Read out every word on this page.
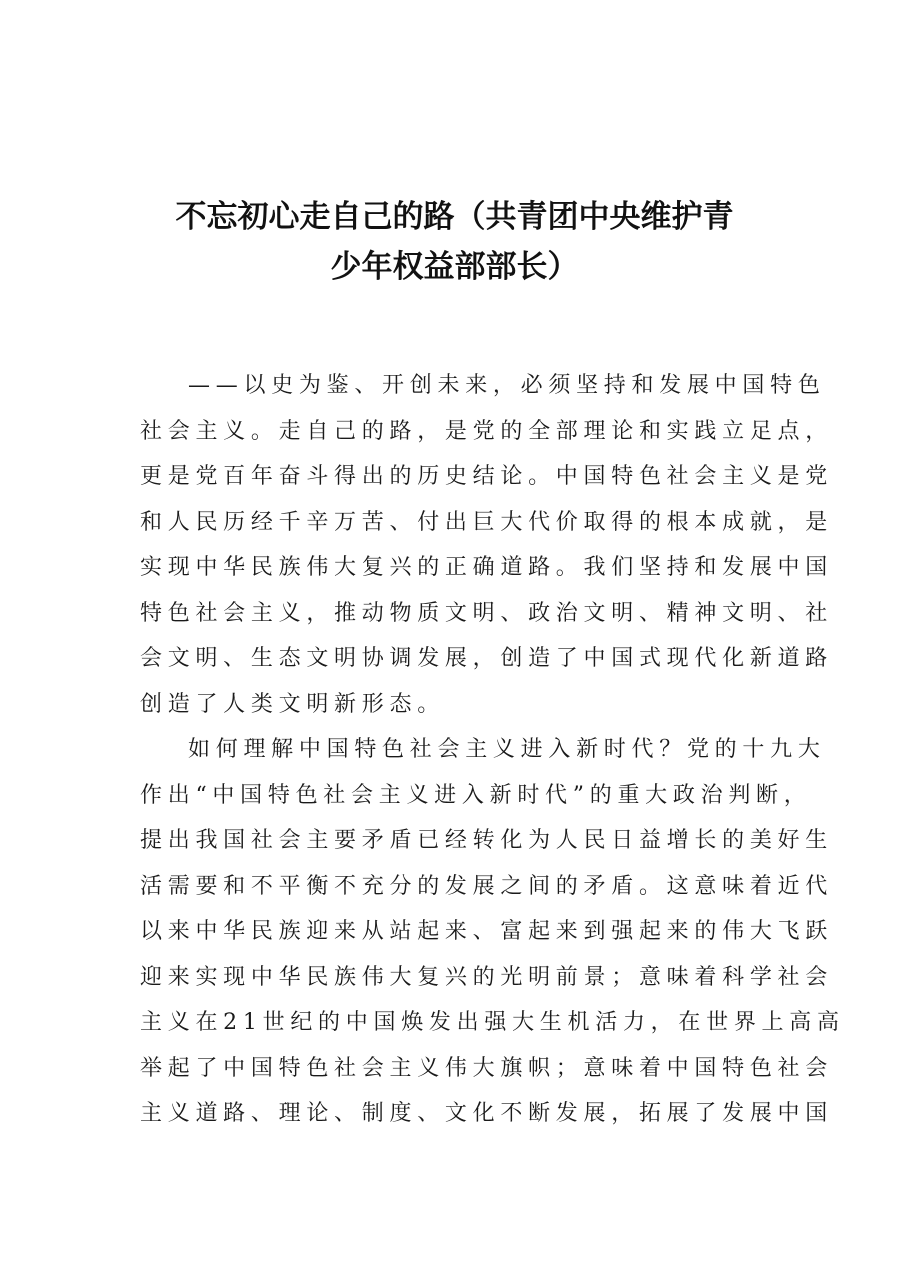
不忘初心走自己的路（共青团中央维护青
少年权益部部长）
——以史为鉴、开创未来，必须坚持和发展中国特色
社会主义。走自己的路，是党的全部理论和实践立足点，
更是党百年奋斗得出的历史结论。中国特色社会主义是党
和人民历经千辛万苦、付出巨大代价取得的根本成就，是
实现中华民族伟大复兴的正确道路。我们坚持和发展中国
特色社会主义，推动物质文明、政治文明、精神文明、社
会文明、生态文明协调发展，创造了中国式现代化新道路
创造了人类文明新形态。
如何理解中国特色社会主义进入新时代？党的十九大
作出“中国特色社会主义进入新时代”的重大政治判断，
提出我国社会主要矛盾已经转化为人民日益增长的美好生
活需要和不平衡不充分的发展之间的矛盾。这意味着近代
以来中华民族迎来从站起来、富起来到强起来的伟大飞跃
迎来实现中华民族伟大复兴的光明前景；意味着科学社会
主义在21世纪的中国焕发出强大生机活力，在世界上高高
举起了中国特色社会主义伟大旗帜；意味着中国特色社会
主义道路、理论、制度、文化不断发展，拓展了发展中国
